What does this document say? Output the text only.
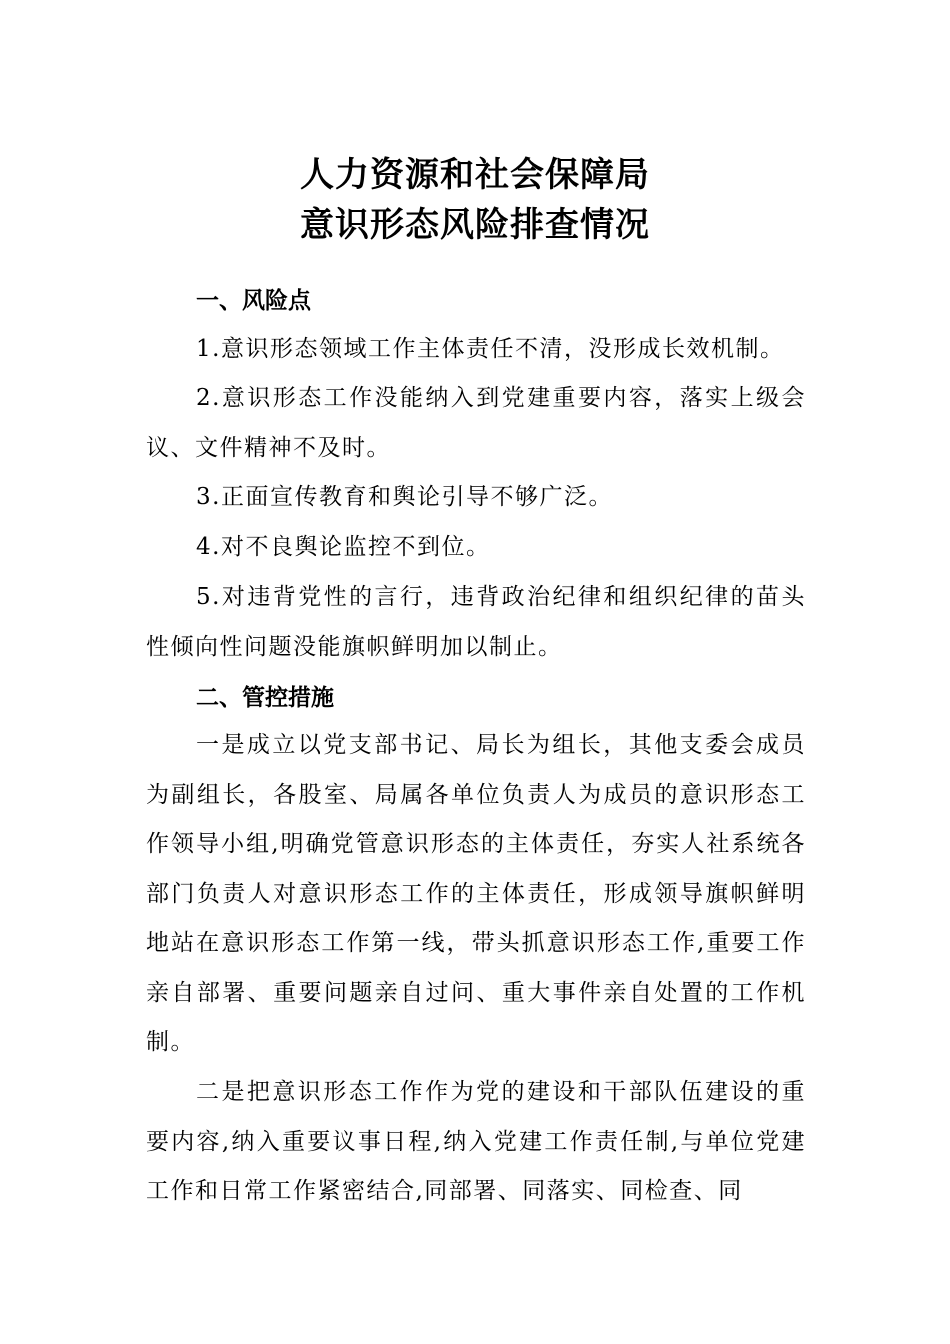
人力资源和社会保障局
意识形态风险排查情况
一、风险点

1.意识形态领域工作主体责任不清，没形成长效机制。

2.意识形态工作没能纳入到党建重要内容，落实上级会议、文件精神不及时。

3.正面宣传教育和舆论引导不够广泛。

4.对不良舆论监控不到位。

5.对违背党性的言行，违背政治纪律和组织纪律的苗头性倾向性问题没能旗帜鲜明加以制止。

二、管控措施

一是成立以党支部书记、局长为组长，其他支委会成员为副组长，各股室、局属各单位负责人为成员的意识形态工作领导小组,明确党管意识形态的主体责任，夯实人社系统各部门负责人对意识形态工作的主体责任，形成领导旗帜鲜明地站在意识形态工作第一线，带头抓意识形态工作,重要工作亲自部署、重要问题亲自过问、重大事件亲自处置的工作机制。

二是把意识形态工作作为党的建设和干部队伍建设的重要内容,纳入重要议事日程,纳入党建工作责任制,与单位党建工作和日常工作紧密结合,同部署、同落实、同检查、同
